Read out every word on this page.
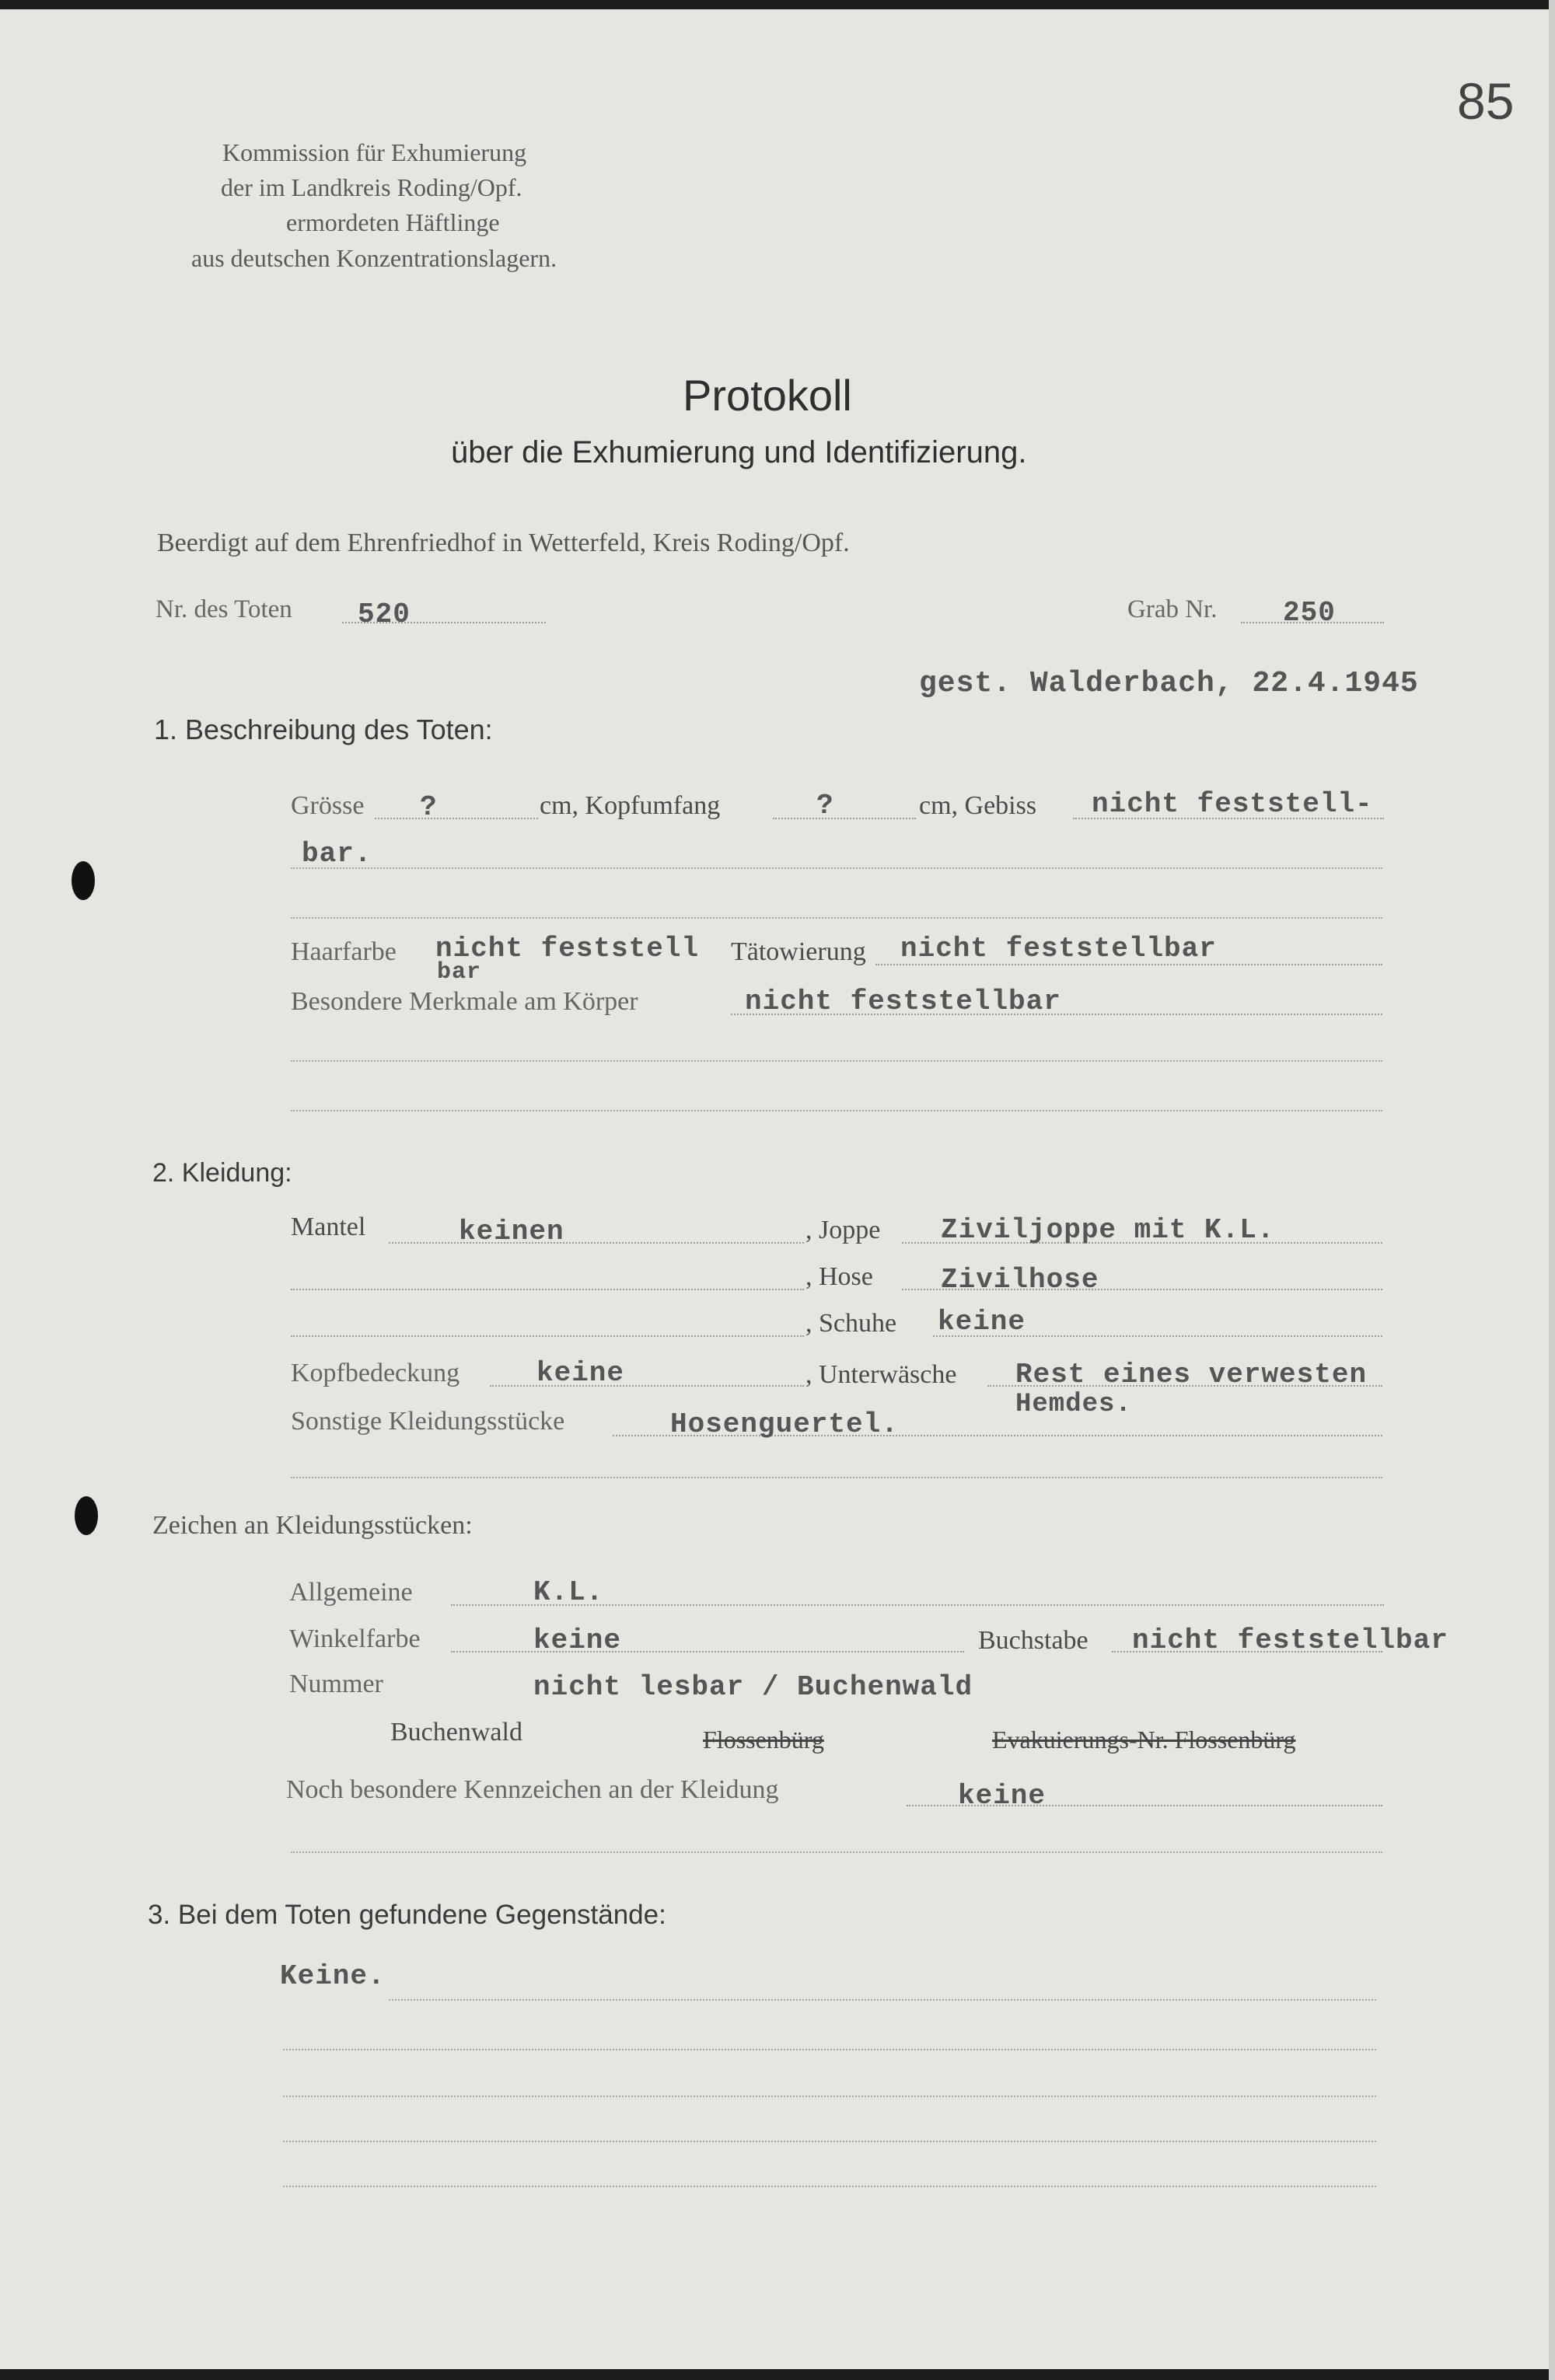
85
Kommission für Exhumierung
der im Landkreis Roding/Opf.
ermordeten Häftlinge
aus deutschen Konzentrationslagern.
Protokoll
über die Exhumierung und Identifizierung.
Beerdigt auf dem Ehrenfriedhof in Wetterfeld, Kreis Roding/Opf.
Nr. des Toten 520	Grab Nr. 250
gest. Walderbach, 22.4.1945
1. Beschreibung des Toten:
Grösse ?	cm, Kopfumfang	?	cm, Gebiss nicht feststell-
bar.
Haarfarbe nicht feststell
bar
Tätowierung nicht feststellbar
Besondere Merkmale am Körper	nicht feststellbar
2. Kleidung:
Mantel	keinen	, Joppe Ziviljoppe mit K.L.
, Hose Zivilhose
, Schuhe keine
Kopfbedeckung	keine	, Unterwäsche Rest eines verwesten
Hemdes.
Sonstige Kleidungsstücke	Hosenguertel.
Zeichen an Kleidungsstücken:
Allgemeine	K.L.
Winkelfarbe	keine	Buchstabe nicht feststellbar
Nummer	nicht lesbar / Buchenwald
Buchenwald	Flossenbürg	Evakuierungs-Nr. Flossenbürg
Noch besondere Kennzeichen an der Kleidung	keine
3. Bei dem Toten gefundene Gegenstände:
Keine.
